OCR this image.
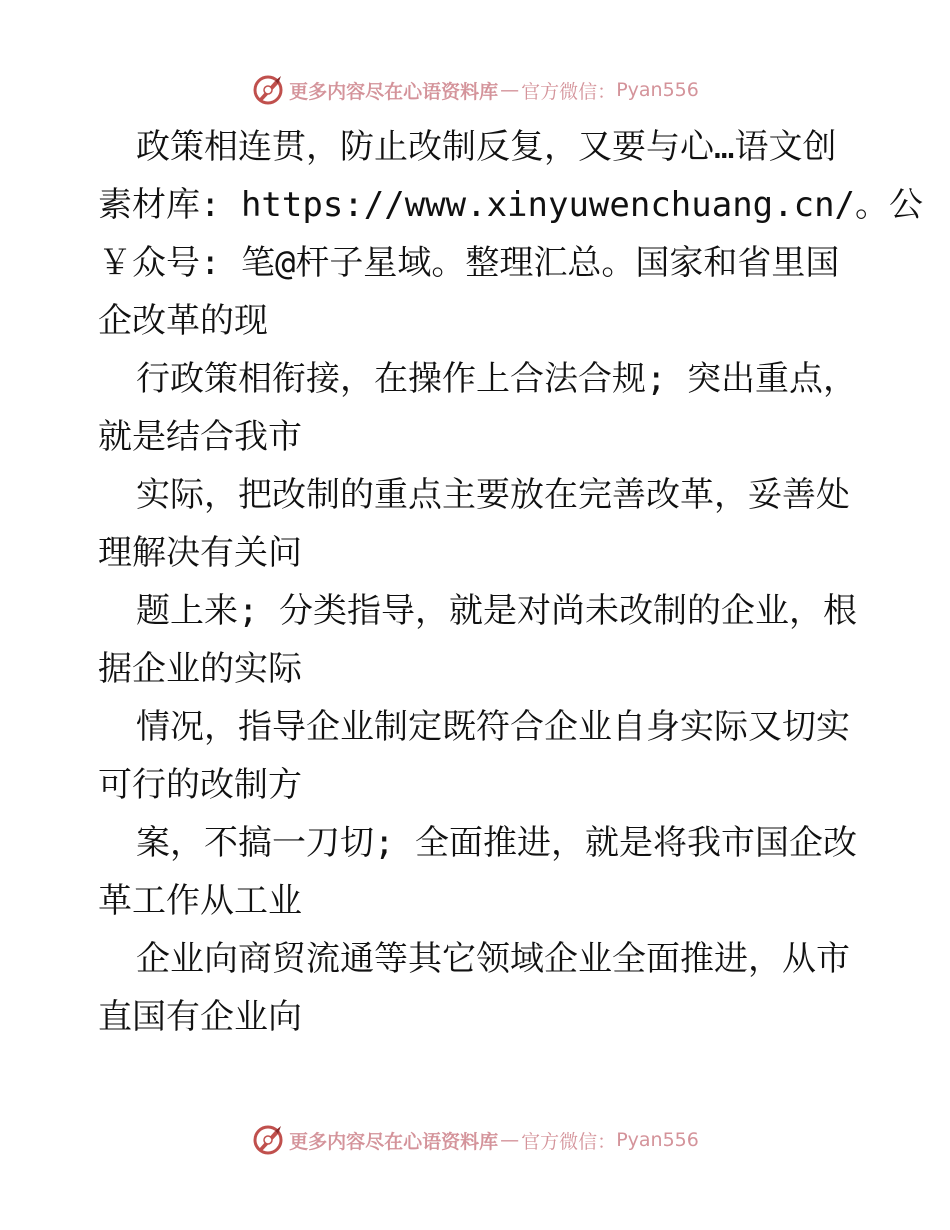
更多内容尽在心语资料库 — 官方微信： Pyan556
政策相连贯，防止改制反复，又要与心…语文创
素材库: https://www.xinyuwenchuang.cn/。公
￥众号: 笔@杆子星域。整理汇总。国家和省里国
企改革的现
行政策相衔接，在操作上合法合规; 突出重点，
就是结合我市
实际，把改制的重点主要放在完善改革，妥善处
理解决有关问
题上来; 分类指导，就是对尚未改制的企业，根
据企业的实际
情况，指导企业制定既符合企业自身实际又切实
可行的改制方
案，不搞一刀切; 全面推进，就是将我市国企改
革工作从工业
企业向商贸流通等其它领域企业全面推进，从市
直国有企业向
更多内容尽在心语资料库 — 官方微信： Pyan556
